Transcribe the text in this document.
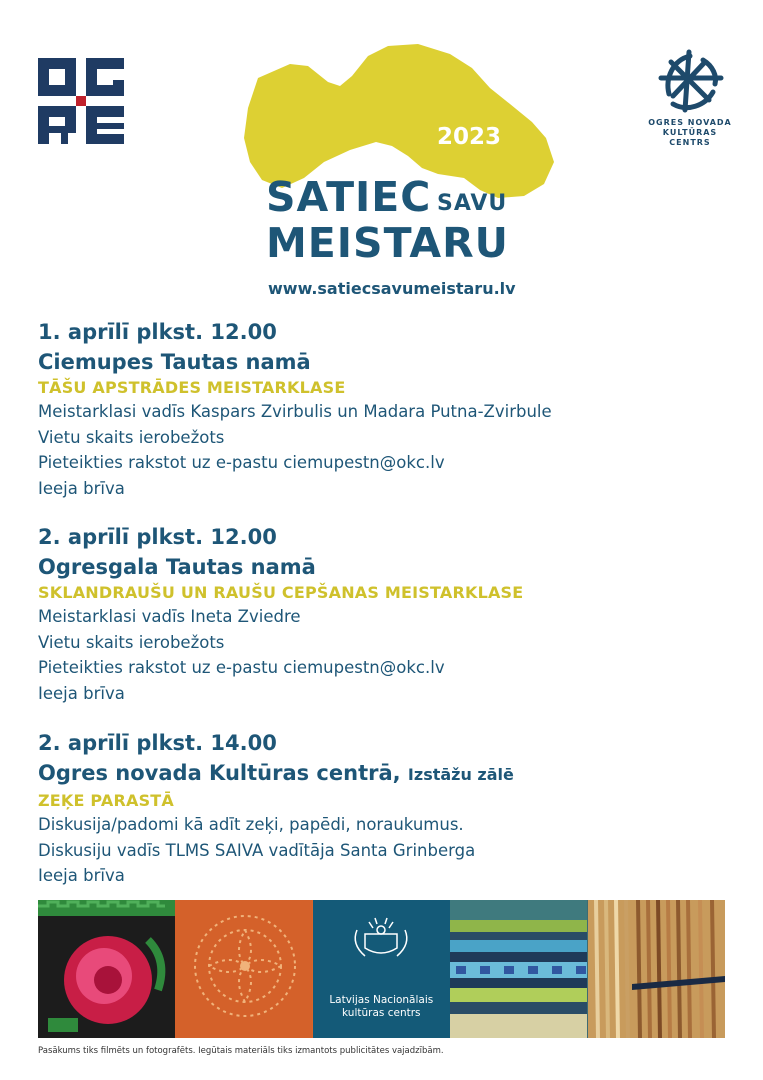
OGRES NOVADA
KULTŪRAS CENTRS
2023
SATIEC SAVU
MEISTARU
www.satiecsavumeistaru.lv
1. aprīlī plkst. 12.00
Ciemupes Tautas namā
TĀŠU APSTRĀDES MEISTARKLASE
Meistarklasi vadīs Kaspars Zvirbulis un Madara Putna-Zvirbule
Vietu skaits ierobežots
Pieteikties rakstot uz e-pastu ciemupestn@okc.lv
Ieeja brīva
2. aprīlī plkst. 12.00
Ogresgala Tautas namā
SKLANDRAUŠU UN RAUŠU CEPŠANAS MEISTARKLASE
Meistarklasi vadīs Ineta Zviedre
Vietu skaits ierobežots
Pieteikties rakstot uz e-pastu ciemupestn@okc.lv
Ieeja brīva
2. aprīlī plkst. 14.00
Ogres novada Kultūras centrā, Izstāžu zālē
ZEĶE PARASTĀ
Diskusija/padomi kā adīt zeķi, papēdi, noraukumus.
Diskusiju vadīs TLMS SAIVA vadītāja Santa Grinberga
Ieeja brīva
Latvijas Nacionālais
kultūras centrs
Pasākums tiks filmēts un fotografēts. Iegūtais materiāls tiks izmantots publicitātes vajadzībām.
